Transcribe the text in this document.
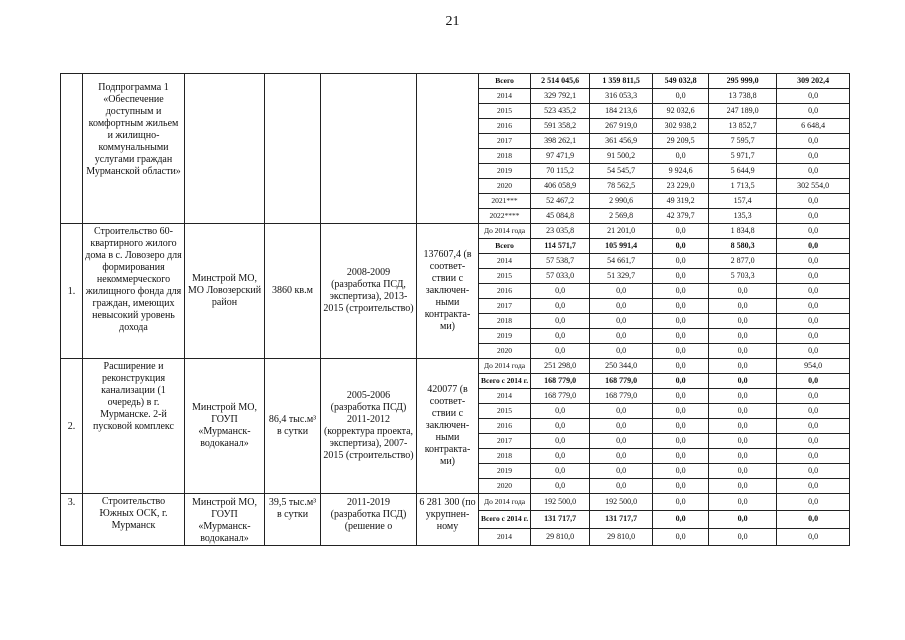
21
	Подпрограмма 1 «Обеспечение доступным и комфортным жильем и жилищно-коммунальными услугами граждан Мурманской области»					Всего	2 514 045,6	1 359 811,5	549 032,8	295 999,0	309 202,4
						2014	329 792,1	316 053,3	0,0	13 738,8	0,0
						2015	523 435,2	184 213,6	92 032,6	247 189,0	0,0
						2016	591 358,2	267 919,0	302 938,2	13 852,7	6 648,4
						2017	398 262,1	361 456,9	29 209,5	7 595,7	0,0
						2018	97 471,9	91 500,2	0,0	5 971,7	0,0
						2019	70 115,2	54 545,7	9 924,6	5 644,9	0,0
						2020	406 058,9	78 562,5	23 229,0	1 713,5	302 554,0
						2021***	52 467,2	2 990,6	49 319,2	157,4	0,0
						2022****	45 084,8	2 569,8	42 379,7	135,3	0,0
1.	Строительство 60-квартирного жилого дома в с. Ловозеро для формирования некоммерческого жилищного фонда для граждан, имеющих невысокий уровень дохода	Минстрой МО, МО Ловозерский район	3860 кв.м	2008-2009 (разработка ПСД, экспертиза), 2013-2015 (строительство)	137607,4 (в соответ-ствии с заключен-ными контракта-ми)	До 2014 года	23 035,8	21 201,0	0,0	1 834,8	0,0
						Всего	114 571,7	105 991,4	0,0	8 580,3	0,0
						2014	57 538,7	54 661,7	0,0	2 877,0	0,0
						2015	57 033,0	51 329,7	0,0	5 703,3	0,0
						2016	0,0	0,0	0,0	0,0	0,0
						2017	0,0	0,0	0,0	0,0	0,0
						2018	0,0	0,0	0,0	0,0	0,0
						2019	0,0	0,0	0,0	0,0	0,0
						2020	0,0	0,0	0,0	0,0	0,0
2.	Расширение и реконструкция канализации (1 очередь) в г. Мурманске. 2-й пусковой комплекс	Минстрой МО, ГОУП «Мурманск-водоканал»	86,4 тыс.м³ в сутки	2005-2006 (разработка ПСД) 2011-2012 (корректура проекта, экспертиза), 2007-2015 (строительство)	420077 (в соответ-ствии с заключен-ными контракта-ми)	До 2014 года	251 298,0	250 344,0	0,0	0,0	954,0
						Всего с 2014 г.	168 779,0	168 779,0	0,0	0,0	0,0
						2014	168 779,0	168 779,0	0,0	0,0	0,0
						2015	0,0	0,0	0,0	0,0	0,0
						2016	0,0	0,0	0,0	0,0	0,0
						2017	0,0	0,0	0,0	0,0	0,0
						2018	0,0	0,0	0,0	0,0	0,0
						2019	0,0	0,0	0,0	0,0	0,0
						2020	0,0	0,0	0,0	0,0	0,0
3.	Строительство Южных ОСК, г. Мурманск	Минстрой МО, ГОУП «Мурманск-водоканал»	39,5 тыс.м³ в сутки	2011-2019 (разработка ПСД) (решение о	6 281 300 (по укрупнен-ному	До 2014 года	192 500,0	192 500,0	0,0	0,0	0,0
						Всего с 2014 г.	131 717,7	131 717,7	0,0	0,0	0,0
						2014	29 810,0	29 810,0	0,0	0,0	0,0
